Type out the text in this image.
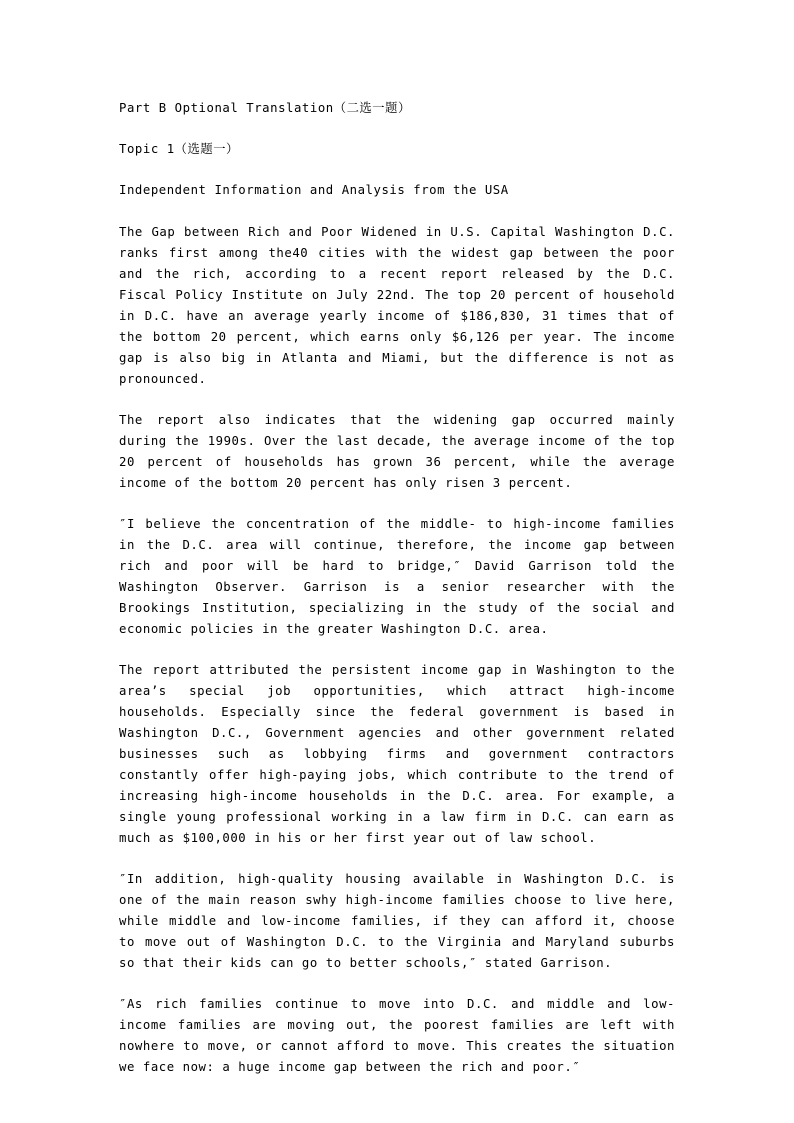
Part B Optional Translation（二选一题）

Topic 1（选题一）

Independent Information and Analysis from the USA

The Gap between Rich and Poor Widened in U.S. Capital Washington D.C. ranks first among the40 cities with the widest gap between the poor and the rich, according to a recent report released by the D.C. Fiscal Policy Institute on July 22nd. The top 20 percent of household in D.C. have an average yearly income of $186,830, 31 times that of the bottom 20 percent, which earns only $6,126 per year. The income gap is also big in Atlanta and Miami, but the difference is not as pronounced.

The report also indicates that the widening gap occurred mainly during the 1990s. Over the last decade, the average income of the top 20 percent of households has grown 36 percent, while the average income of the bottom 20 percent has only risen 3 percent.

″I believe the concentration of the middle‐ to high‐income families in the D.C. area will continue, therefore, the income gap between rich and poor will be hard to bridge,″ David Garrison told the Washington Observer. Garrison is a senior researcher with the Brookings Institution, specializing in the study of the social and economic policies in the greater Washington D.C. area.

The report attributed the persistent income gap in Washington to the area’s special job opportunities, which attract high‐income households. Especially since the federal government is based in Washington D.C., Government agencies and other government related businesses such as lobbying firms and government contractors constantly offer high‐paying jobs, which contribute to the trend of increasing high‐income households in the D.C. area. For example, a single young professional working in a law firm in D.C. can earn as much as $100,000 in his or her first year out of law school.

″In addition, high‐quality housing available in Washington D.C. is one of the main reason swhy high‐income families choose to live here, while middle and low‐income families, if they can afford it, choose to move out of Washington D.C. to the Virginia and Maryland suburbs so that their kids can go to better schools,″ stated Garrison.

″As rich families continue to move into D.C. and middle and low‐income families are moving out, the poorest families are left with nowhere to move, or cannot afford to move. This creates the situation we face now: a huge income gap between the rich and poor.″
